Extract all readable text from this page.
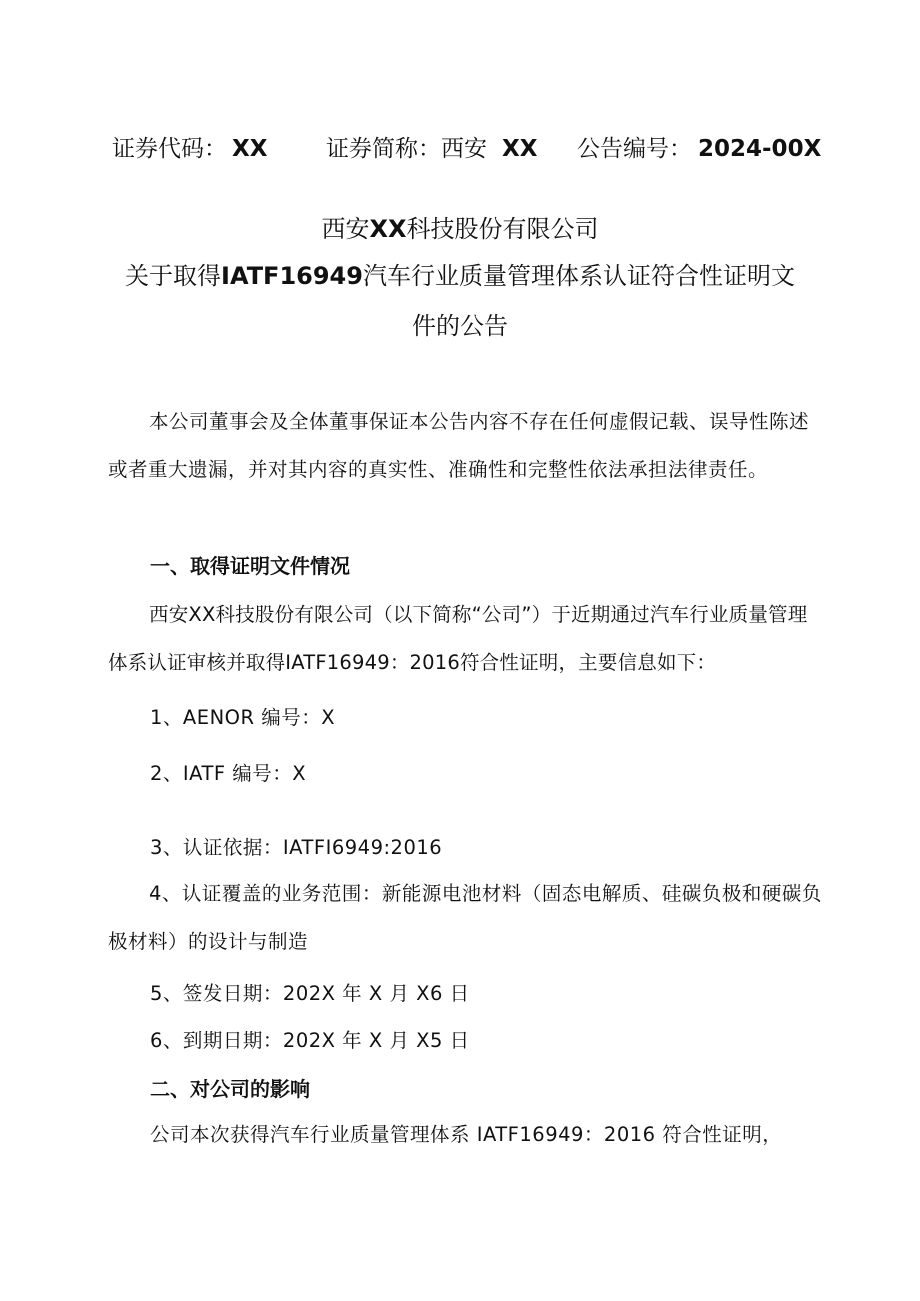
证券代码： XX	证券简称：西安 XX 公告编号： 2024-00X
西安XX科技股份有限公司
关于取得IATF16949汽车行业质量管理体系认证符合性证明文
件的公告
本公司董事会及全体董事保证本公告内容不存在任何虚假记载、误导性陈述或者重大遗漏，并对其内容的真实性、准确性和完整性依法承担法律责任。
一、取得证明文件情况
西安XX科技股份有限公司（以下简称“公司”）于近期通过汽车行业质量管理体系认证审核并取得IATF16949：2016符合性证明，主要信息如下：
1、AENOR 编号：X
2、IATF 编号：X
3、认证依据：IATFI6949:2016
4、认证覆盖的业务范围：新能源电池材料（固态电解质、硅碳负极和硬碳负极材料）的设计与制造
5、签发日期：202X 年 X 月 X6 日
6、到期日期：202X 年 X 月 X5 日
二、对公司的影响
公司本次获得汽车行业质量管理体系 IATF16949：2016 符合性证明，
